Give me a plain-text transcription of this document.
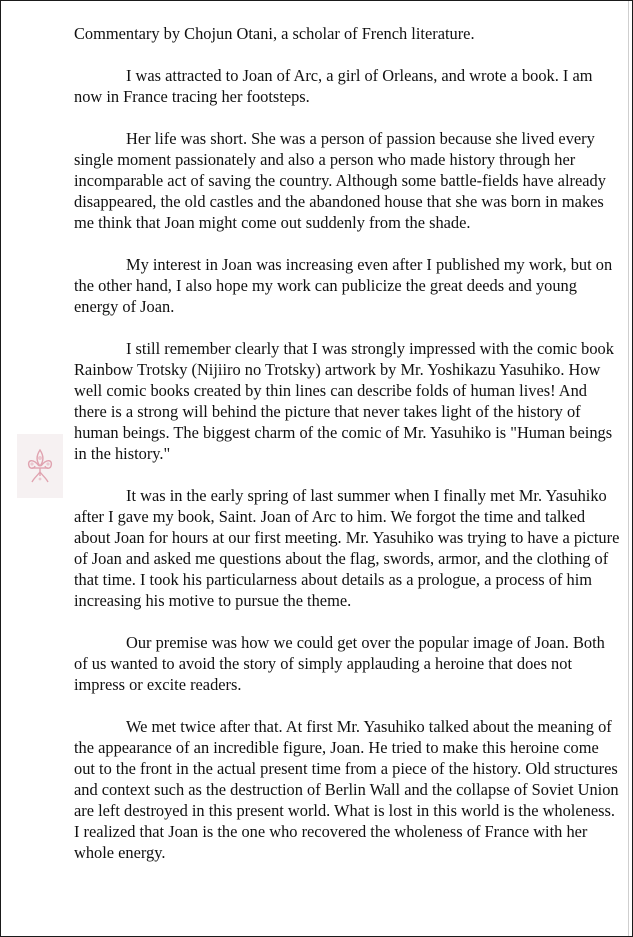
Commentary by Chojun Otani, a scholar of French literature.

I was attracted to Joan of Arc, a girl of Orleans, and wrote a book. I am now in France tracing her footsteps.

Her life was short. She was a person of passion because she lived every single moment passionately and also a person who made history through her incomparable act of saving the country. Although some battle-fields have already disappeared, the old castles and the abandoned house that she was born in makes me think that Joan might come out suddenly from the shade.

My interest in Joan was increasing even after I published my work, but on the other hand, I also hope my work can publicize the great deeds and young energy of Joan.

I still remember clearly that I was strongly impressed with the comic book Rainbow Trotsky (Nijiiro no Trotsky) artwork by Mr. Yoshikazu Yasuhiko. How well comic books created by thin lines can describe folds of human lives! And there is a strong will behind the picture that never takes light of the history of human beings. The biggest charm of the comic of Mr. Yasuhiko is "Human beings in the history."

It was in the early spring of last summer when I finally met Mr. Yasuhiko after I gave my book, Saint. Joan of Arc to him. We forgot the time and talked about Joan for hours at our first meeting. Mr. Yasuhiko was trying to have a picture of Joan and asked me questions about the flag, swords, armor, and the clothing of that time. I took his particularness about details as a prologue, a process of him increasing his motive to pursue the theme.

Our premise was how we could get over the popular image of Joan. Both of us wanted to avoid the story of simply applauding a heroine that does not impress or excite readers.

We met twice after that. At first Mr. Yasuhiko talked about the meaning of the appearance of an incredible figure, Joan. He tried to make this heroine come out to the front in the actual present time from a piece of the history. Old structures and context such as the destruction of Berlin Wall and the collapse of Soviet Union are left destroyed in this present world. What is lost in this world is the wholeness. I realized that Joan is the one who recovered the wholeness of France with her whole energy.
